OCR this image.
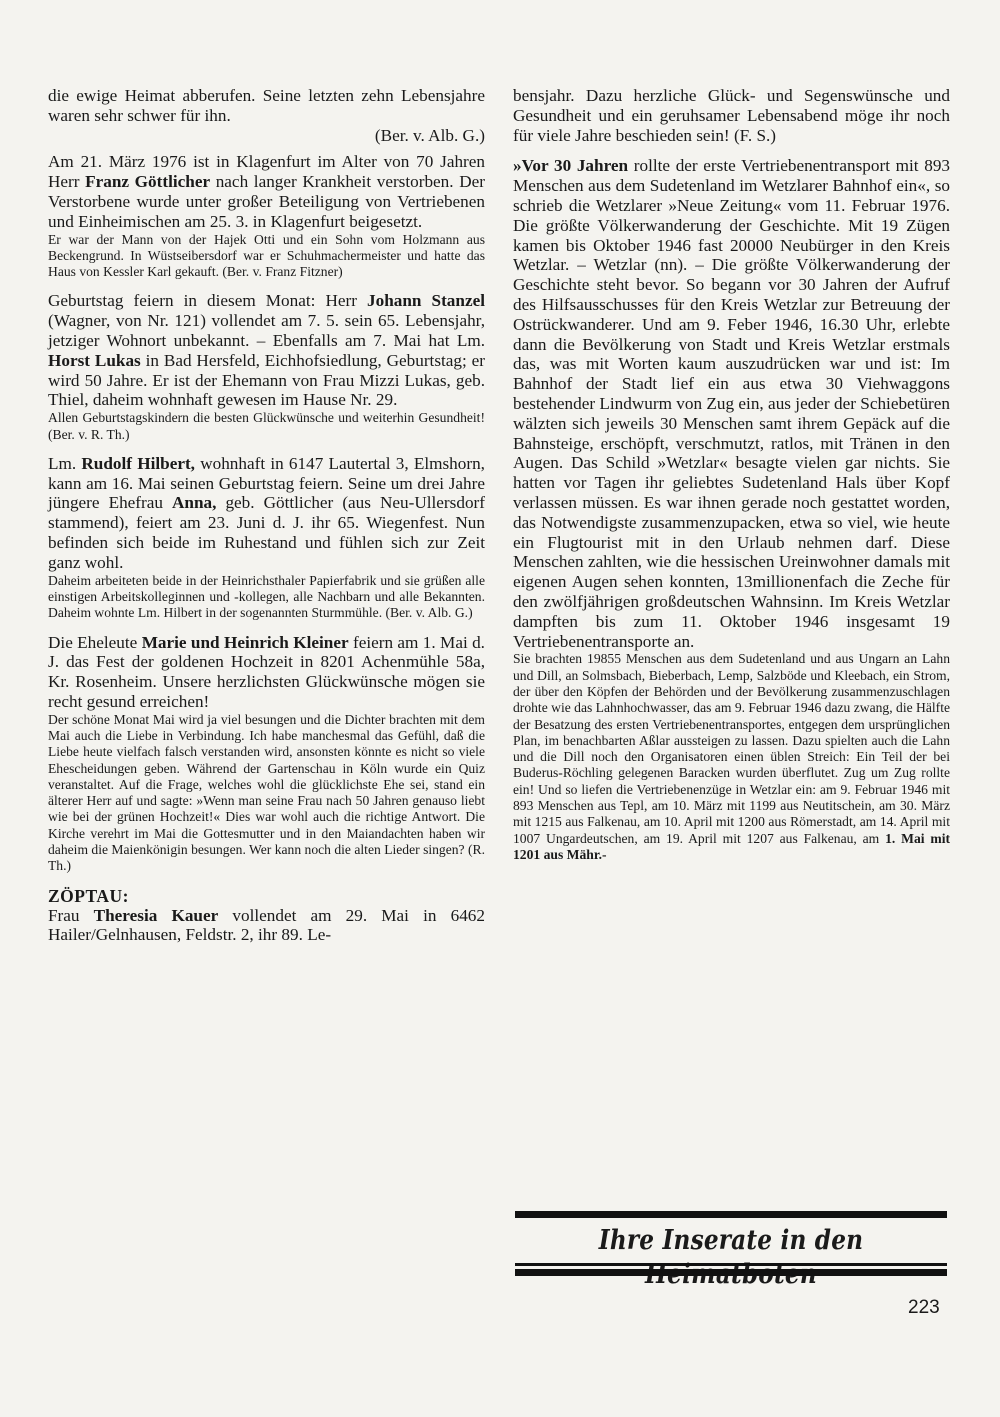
die ewige Heimat abberufen. Seine letzten zehn Lebensjahre waren sehr schwer für ihn.

(Ber. v. Alb. G.)

Am 21. März 1976 ist in Klagenfurt im Alter von 70 Jahren Herr Franz Göttlicher nach langer Krankheit verstorben. Der Verstorbene wurde unter großer Beteiligung von Vertriebenen und Einheimischen am 25. 3. in Klagenfurt beigesetzt.

Er war der Mann von der Hajek Otti und ein Sohn vom Holzmann aus Beckengrund. In Wüstseibersdorf war er Schuhmachermeister und hatte das Haus von Kessler Karl gekauft. (Ber. v. Franz Fitzner)

Geburtstag feiern in diesem Monat: Herr Johann Stanzel (Wagner, von Nr. 121) vollendet am 7. 5. sein 65. Lebensjahr, jetziger Wohnort unbekannt. – Ebenfalls am 7. Mai hat Lm. Horst Lukas in Bad Hersfeld, Eichhofsiedlung, Geburtstag; er wird 50 Jahre. Er ist der Ehemann von Frau Mizzi Lukas, geb. Thiel, daheim wohnhaft gewesen im Hause Nr. 29.

Allen Geburtstagskindern die besten Glückwünsche und weiterhin Gesundheit! (Ber. v. R. Th.)

Lm. Rudolf Hilbert, wohnhaft in 6147 Lautertal 3, Elmshorn, kann am 16. Mai seinen Geburtstag feiern. Seine um drei Jahre jüngere Ehefrau Anna, geb. Göttlicher (aus Neu-Ullersdorf stammend), feiert am 23. Juni d. J. ihr 65. Wiegenfest. Nun befinden sich beide im Ruhestand und fühlen sich zur Zeit ganz wohl.

Daheim arbeiteten beide in der Heinrichsthaler Papierfabrik und sie grüßen alle einstigen Arbeitskolleginnen und -kollegen, alle Nachbarn und alle Bekannten. Daheim wohnte Lm. Hilbert in der sogenannten Sturmmühle. (Ber. v. Alb. G.)

Die Eheleute Marie und Heinrich Kleiner feiern am 1. Mai d. J. das Fest der goldenen Hochzeit in 8201 Achenmühle 58a, Kr. Rosenheim. Unsere herzlichsten Glückwünsche mögen sie recht gesund erreichen!

Der schöne Monat Mai wird ja viel besungen und die Dichter brachten mit dem Mai auch die Liebe in Verbindung. Ich habe manchesmal das Gefühl, daß die Liebe heute vielfach falsch verstanden wird, ansonsten könnte es nicht so viele Ehescheidungen geben. Während der Gartenschau in Köln wurde ein Quiz veranstaltet. Auf die Frage, welches wohl die glücklichste Ehe sei, stand ein älterer Herr auf und sagte: »Wenn man seine Frau nach 50 Jahren genauso liebt wie bei der grünen Hochzeit!« Dies war wohl auch die richtige Antwort. Die Kirche verehrt im Mai die Gottesmutter und in den Maiandachten haben wir daheim die Maienkönigin besungen. Wer kann noch die alten Lieder singen? (R. Th.)

ZÖPTAU:

Frau Theresia Kauer vollendet am 29. Mai in 6462 Hailer/Gelnhausen, Feldstr. 2, ihr 89. Le-

bensjahr. Dazu herzliche Glück- und Segenswünsche und Gesundheit und ein geruhsamer Lebensabend möge ihr noch für viele Jahre beschieden sein! (F. S.)

»Vor 30 Jahren rollte der erste Vertriebenentransport mit 893 Menschen aus dem Sudetenland im Wetzlarer Bahnhof ein«, so schrieb die Wetzlarer »Neue Zeitung« vom 11. Februar 1976. Die größte Völkerwanderung der Geschichte. Mit 19 Zügen kamen bis Oktober 1946 fast 20000 Neubürger in den Kreis Wetzlar. – Wetzlar (nn). – Die größte Völkerwanderung der Geschichte steht bevor. So begann vor 30 Jahren der Aufruf des Hilfsausschusses für den Kreis Wetzlar zur Betreuung der Ostrückwanderer. Und am 9. Feber 1946, 16.30 Uhr, erlebte dann die Bevölkerung von Stadt und Kreis Wetzlar erstmals das, was mit Worten kaum auszudrücken war und ist: Im Bahnhof der Stadt lief ein aus etwa 30 Viehwaggons bestehender Lindwurm von Zug ein, aus jeder der Schiebetüren wälzten sich jeweils 30 Menschen samt ihrem Gepäck auf die Bahnsteige, erschöpft, verschmutzt, ratlos, mit Tränen in den Augen. Das Schild »Wetzlar« besagte vielen gar nichts. Sie hatten vor Tagen ihr geliebtes Sudetenland Hals über Kopf verlassen müssen. Es war ihnen gerade noch gestattet worden, das Notwendigste zusammenzupacken, etwa so viel, wie heute ein Flugtourist mit in den Urlaub nehmen darf. Diese Menschen zahlten, wie die hessischen Ureinwohner damals mit eigenen Augen sehen konnten, 13millionenfach die Zeche für den zwölfjährigen großdeutschen Wahnsinn. Im Kreis Wetzlar dampften bis zum 11. Oktober 1946 insgesamt 19 Vertriebenentransporte an.

Sie brachten 19855 Menschen aus dem Sudetenland und aus Ungarn an Lahn und Dill, an Solmsbach, Bieberbach, Lemp, Salzböde und Kleebach, ein Strom, der über den Köpfen der Behörden und der Bevölkerung zusammenzuschlagen drohte wie das Lahnhochwasser, das am 9. Februar 1946 dazu zwang, die Hälfte der Besatzung des ersten Vertriebenentransportes, entgegen dem ursprünglichen Plan, im benachbarten Aßlar aussteigen zu lassen. Dazu spielten auch die Lahn und die Dill noch den Organisatoren einen üblen Streich: Ein Teil der bei Buderus-Röchling gelegenen Baracken wurden überflutet. Zug um Zug rollte ein! Und so liefen die Vertriebenenzüge in Wetzlar ein: am 9. Februar 1946 mit 893 Menschen aus Tepl, am 10. März mit 1199 aus Neutitschein, am 30. März mit 1215 aus Falkenau, am 10. April mit 1200 aus Römerstadt, am 14. April mit 1007 Ungardeutschen, am 19. April mit 1207 aus Falkenau, am 1. Mai mit 1201 aus Mähr.-

Ihre Inserate in den
223
